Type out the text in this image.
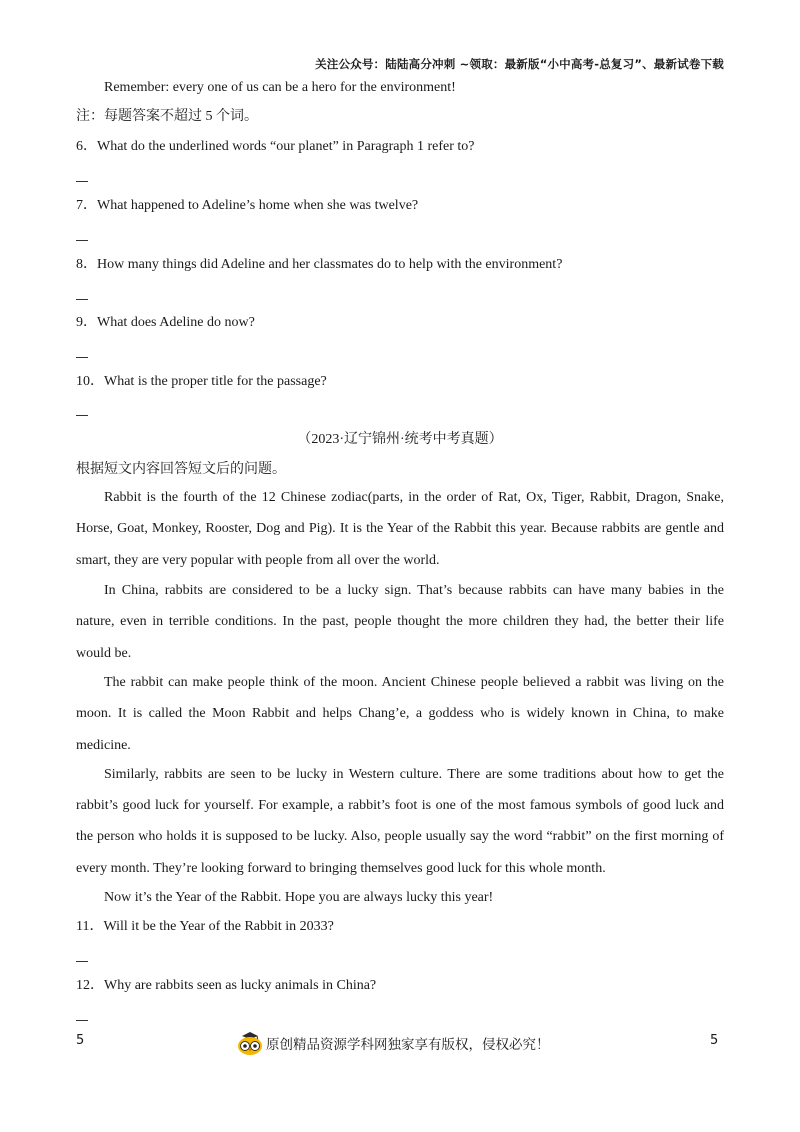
关注公众号：陆陆高分冲刺 ~领取：最新版“小中高考-总复习”、最新试卷下载
Remember: every one of us can be a hero for the environment!
注：每题答案不超过 5 个词。
6．What do the underlined words “our planet” in Paragraph 1 refer to?
7．What happened to Adeline’s home when she was twelve?
8．How many things did Adeline and her classmates do to help with the environment?
9．What does Adeline do now?
10．What is the proper title for the passage?
（2023·辽宁锦州·统考中考真题）
根据短文内容回答短文后的问题。
Rabbit is the fourth of the 12 Chinese zodiac(parts, in the order of Rat, Ox, Tiger, Rabbit, Dragon, Snake,
Horse, Goat, Monkey, Rooster, Dog and Pig). It is the Year of the Rabbit this year. Because rabbits are gentle and
smart, they are very popular with people from all over the world.
In China, rabbits are considered to be a lucky sign. That’s because rabbits can have many babies in the
nature, even in terrible conditions. In the past, people thought the more children they had, the better their life
would be.
The rabbit can make people think of the moon. Ancient Chinese people believed a rabbit was living on the
moon. It is called the Moon Rabbit and helps Chang’e, a goddess who is widely known in China, to make
medicine.
Similarly, rabbits are seen to be lucky in Western culture. There are some traditions about how to get the
rabbit’s good luck for yourself. For example, a rabbit’s foot is one of the most famous symbols of good luck and
the person who holds it is supposed to be lucky. Also, people usually say the word “rabbit” on the first morning of
every month. They’re looking forward to bringing themselves good luck for this whole month.
Now it’s the Year of the Rabbit. Hope you are always lucky this year!
11．Will it be the Year of the Rabbit in 2033?
12．Why are rabbits seen as lucky animals in China?
5	原创精品资源学科网独家享有版权，侵权必究！	5
